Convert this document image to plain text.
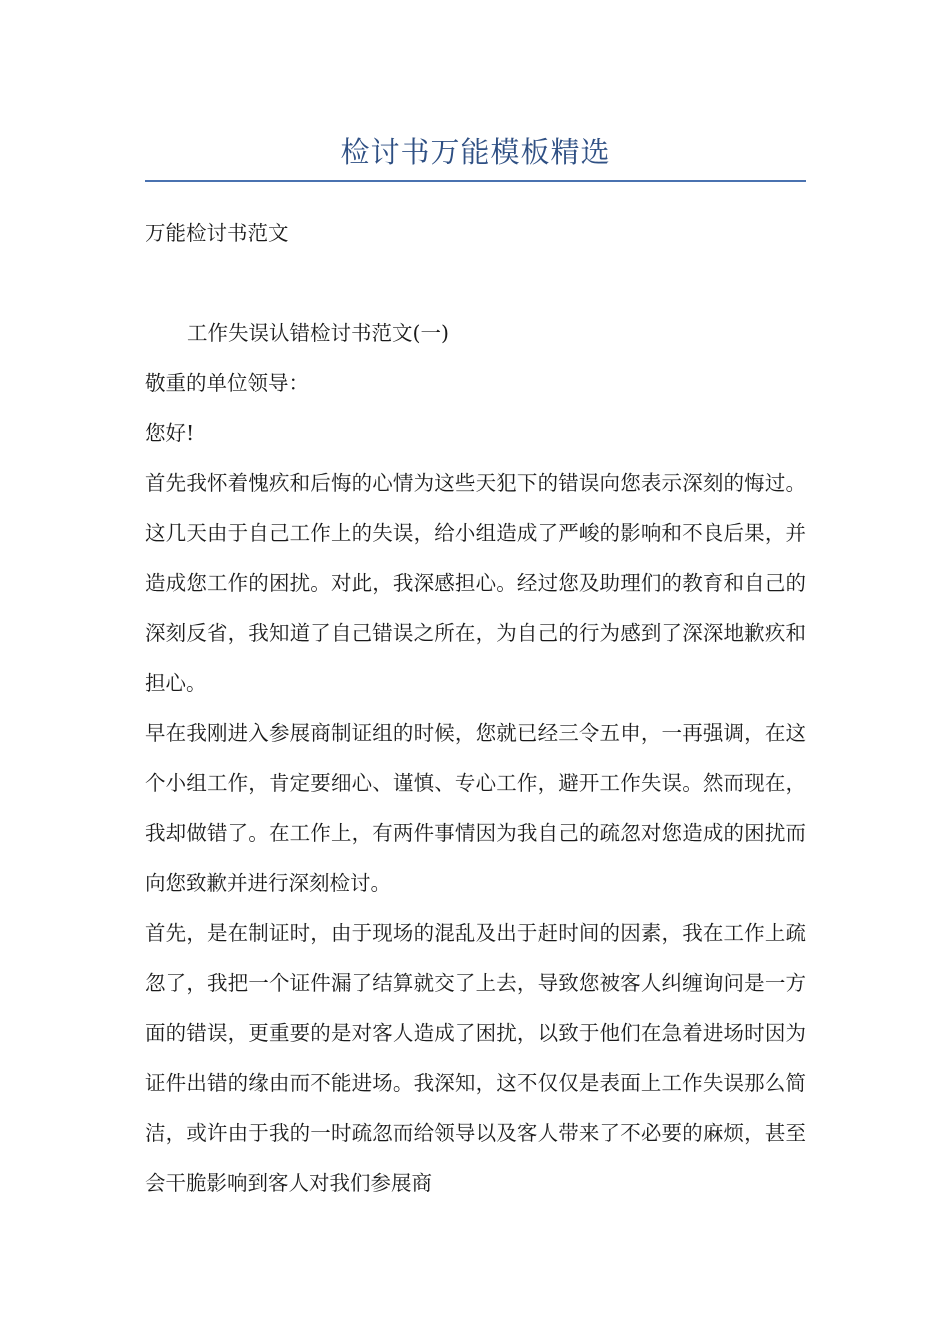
检讨书万能模板精选

万能检讨书范文

工作失误认错检讨书范文(一)

敬重的单位领导：

您好!

首先我怀着愧疚和后悔的心情为这些天犯下的错误向您表示深刻的悔过。这几天由于自己工作上的失误，给小组造成了严峻的影响和不良后果，并造成您工作的困扰。对此，我深感担心。经过您及助理们的教育和自己的深刻反省，我知道了自己错误之所在，为自己的行为感到了深深地歉疚和担心。

早在我刚进入参展商制证组的时候，您就已经三令五申，一再强调，在这个小组工作，肯定要细心、谨慎、专心工作，避开工作失误。然而现在，我却做错了。在工作上，有两件事情因为我自己的疏忽对您造成的困扰而向您致歉并进行深刻检讨。

首先，是在制证时，由于现场的混乱及出于赶时间的因素，我在工作上疏忽了，我把一个证件漏了结算就交了上去，导致您被客人纠缠询问是一方面的错误，更重要的是对客人造成了困扰，以致于他们在急着进场时因为证件出错的缘由而不能进场。我深知，这不仅仅是表面上工作失误那么简洁，或许由于我的一时疏忽而给领导以及客人带来了不必要的麻烦，甚至会干脆影响到客人对我们参展商
